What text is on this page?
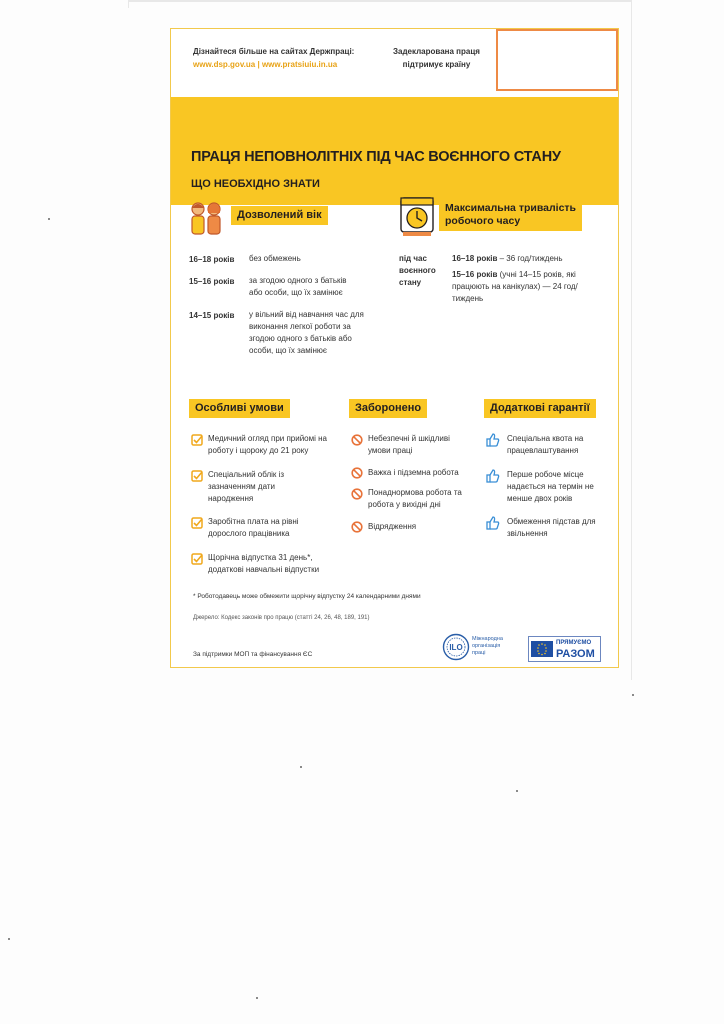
Дізнайтеся більше на сайтах Держпраці:
www.dsp.gov.ua | www.pratsiuiu.in.ua
Задекларована праця
підтримує країну
ПРАЦЯ НЕПОВНОЛІТНІХ ПІД ЧАС ВОЄННОГО СТАНУ
ЩО НЕОБХІДНО ЗНАТИ
Дозволений вік
16–18 років без обмежень
15–16 років за згодою одного з батьків або особи, що їх замінює
14–15 років у вільний від навчання час для виконання легкої роботи за згодою одного з батьків або особи, що їх замінює
Максимальна тривалість
робочого часу
під час воєнного стану
16–18 років – 36 год/тиждень
15–16 років (учні 14–15 років, які працюють на канікулах) — 24 год/тиждень
Особливі умови
Медичний огляд при прийомі на роботу і щороку до 21 року
Спеціальний облік із зазначенням дати народження
Заробітна плата на рівні дорослого працівника
Щорічна відпустка 31 день*, додаткові навчальні відпустки
Заборонено
Небезпечні й шкідливі умови праці
Важка і підземна робота
Понаднормова робота та робота у вихідні дні
Відрядження
Додаткові гарантії
Спеціальна квота на працевлаштування
Перше робоче місце надається на термін не менше двох років
Обмеження підстав для звільнення
* Роботодавець може обмежити щорічну відпустку 24 календарними днями
Джерело: Кодекс законів про працю (статті 24, 26, 48, 189, 191)
За підтримки МОП та фінансування ЄС
ILO
Міжнародна
організація
праці
ПРЯМУЄМО
РАЗОМ
